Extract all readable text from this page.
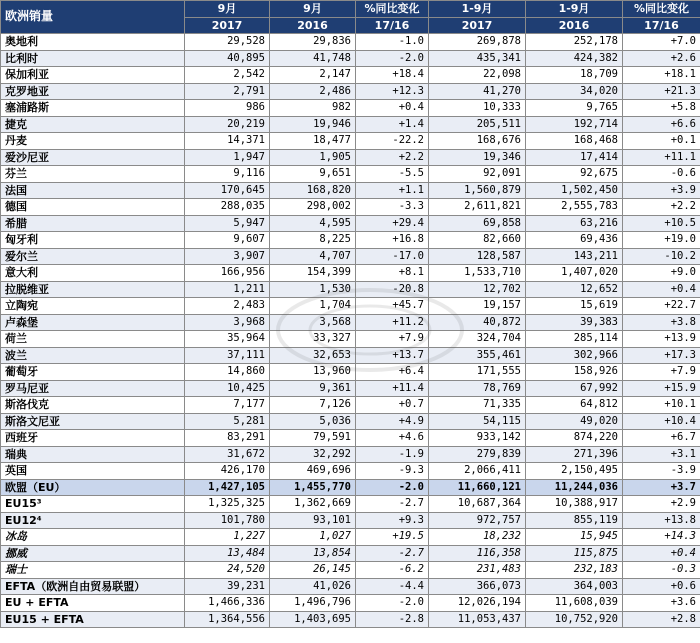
欧洲销量	9月	9月	%同比变化	1-9月	1-9月	%同比变化
	2017	2016	17/16	2017	2016	17/16
奥地利	29,528	29,836	-1.0	269,878	252,178	+7.0
比利时	40,895	41,748	-2.0	435,341	424,382	+2.6
保加利亚	2,542	2,147	+18.4	22,098	18,709	+18.1
克罗地亚	2,791	2,486	+12.3	41,270	34,020	+21.3
塞浦路斯	986	982	+0.4	10,333	9,765	+5.8
捷克	20,219	19,946	+1.4	205,511	192,714	+6.6
丹麦	14,371	18,477	-22.2	168,676	168,468	+0.1
爱沙尼亚	1,947	1,905	+2.2	19,346	17,414	+11.1
芬兰	9,116	9,651	-5.5	92,091	92,675	-0.6
法国	170,645	168,820	+1.1	1,560,879	1,502,450	+3.9
德国	288,035	298,002	-3.3	2,611,821	2,555,783	+2.2
希腊	5,947	4,595	+29.4	69,858	63,216	+10.5
匈牙利	9,607	8,225	+16.8	82,660	69,436	+19.0
爱尔兰	3,907	4,707	-17.0	128,587	143,211	-10.2
意大利	166,956	154,399	+8.1	1,533,710	1,407,020	+9.0
拉脱维亚	1,211	1,530	-20.8	12,702	12,652	+0.4
立陶宛	2,483	1,704	+45.7	19,157	15,619	+22.7
卢森堡	3,968	3,568	+11.2	40,872	39,383	+3.8
荷兰	35,964	33,327	+7.9	324,704	285,114	+13.9
波兰	37,111	32,653	+13.7	355,461	302,966	+17.3
葡萄牙	14,860	13,960	+6.4	171,555	158,926	+7.9
罗马尼亚	10,425	9,361	+11.4	78,769	67,992	+15.9
斯洛伐克	7,177	7,126	+0.7	71,335	64,812	+10.1
斯洛文尼亚	5,281	5,036	+4.9	54,115	49,020	+10.4
西班牙	83,291	79,591	+4.6	933,142	874,220	+6.7
瑞典	31,672	32,292	-1.9	279,839	271,396	+3.1
英国	426,170	469,696	-9.3	2,066,411	2,150,495	-3.9
欧盟（EU）	1,427,105	1,455,770	-2.0	11,660,121	11,244,036	+3.7
EU15³	1,325,325	1,362,669	-2.7	10,687,364	10,388,917	+2.9
EU12⁴	101,780	93,101	+9.3	972,757	855,119	+13.8
冰岛	1,227	1,027	+19.5	18,232	15,945	+14.3
挪威	13,484	13,854	-2.7	116,358	115,875	+0.4
瑞士	24,520	26,145	-6.2	231,483	232,183	-0.3
EFTA（欧洲自由贸易联盟）	39,231	41,026	-4.4	366,073	364,003	+0.6
EU + EFTA	1,466,336	1,496,796	-2.0	12,026,194	11,608,039	+3.6
EU15 + EFTA	1,364,556	1,403,695	-2.8	11,053,437	10,752,920	+2.8
